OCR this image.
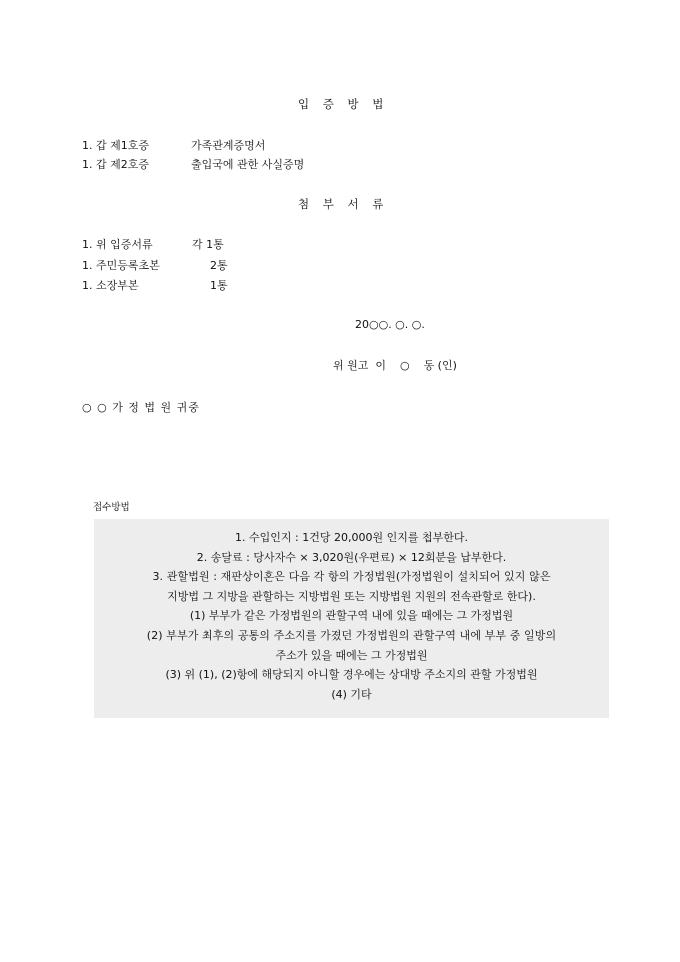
입 증 방 법
1. 갑 제1호증	가족관계증명서
1. 갑 제2호증	출입국에 관한 사실증명
첨 부 서 류
1. 위 입증서류	각 1통
1. 주민등록초본	2통
1. 소장부본	1통
20○○. ○. ○.
위 원고  이    ○    동 (인)
○ ○ 가 정 법 원 귀중
접수방법
1. 수입인지 : 1건당 20,000원 인지를 첩부한다.
2. 송달료 : 당사자수 × 3,020원(우편료) × 12회분을 납부한다.
3. 관할법원 : 재판상이혼은 다음 각 항의 가정법원(가정법원이 설치되어 있지 않은
지방법 그 지방을 관할하는 지방법원 또는 지방법원 지원의 전속관할로 한다).
(1) 부부가 같은 가정법원의 관할구역 내에 있을 때에는 그 가정법원
(2) 부부가 최후의 공통의 주소지를 가졌던 가정법원의 관할구역 내에 부부 중 일방의
주소가 있을 때에는 그 가정법원
(3) 위 (1), (2)항에 해당되지 아니할 경우에는 상대방 주소지의 관할 가정법원
(4) 기타
